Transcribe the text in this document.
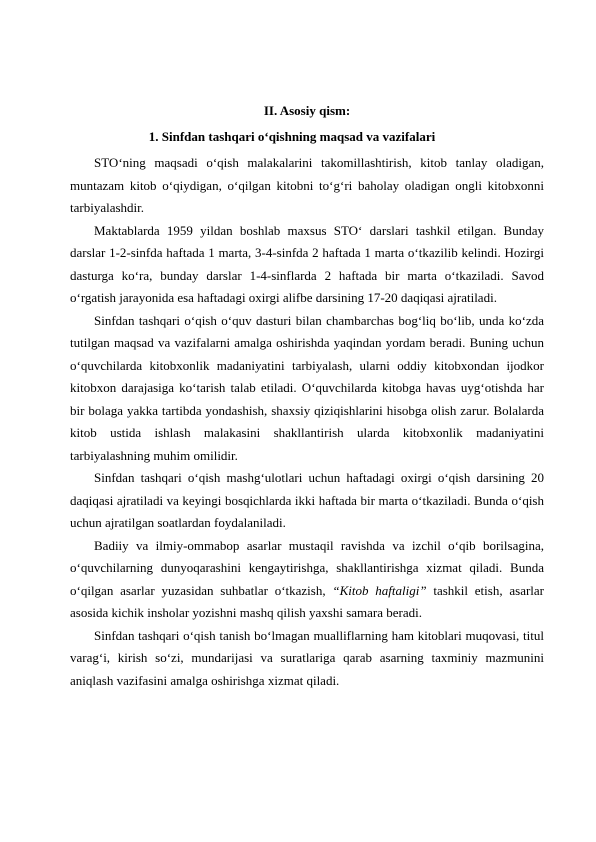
II. Asosiy qism:
1. Sinfdan tashqari o‘qishning maqsad va vazifalari

STO‘ning maqsadi o‘qish malakalarini takomillashtirish, kitob tanlay oladigan, muntazam kitob o‘qiydigan, o‘qilgan kitobni to‘g‘ri baholay oladigan ongli kitobxonni tarbiyalashdir.

Maktablarda 1959 yildan boshlab maxsus STO‘ darslari tashkil etilgan. Bunday darslar 1-2-sinfda haftada 1 marta, 3-4-sinfda 2 haftada 1 marta o‘tkazilib kelindi. Hozirgi dasturga ko‘ra, bunday darslar 1-4-sinflarda 2 haftada bir marta o‘tkaziladi. Savod o‘rgatish jarayonida esa haftadagi oxirgi alifbe darsining 17-20 daqiqasi ajratiladi.

Sinfdan tashqari o‘qish o‘quv dasturi bilan chambarchas bog‘liq bo‘lib, unda ko‘zda tutilgan maqsad va vazifalarni amalga oshirishda yaqindan yordam beradi. Buning uchun o‘quvchilarda kitobxonlik madaniyatini tarbiyalash, ularni oddiy kitobxondan ijodkor kitobxon darajasiga ko‘tarish talab etiladi. O‘quvchilarda kitobga havas uyg‘otishda har bir bolaga yakka tartibda yondashish, shaxsiy qiziqishlarini hisobga olish zarur. Bolalarda kitob ustida ishlash malakasini shakllantirish ularda kitobxonlik madaniyatini tarbiyalashning muhim omilidir.

Sinfdan tashqari o‘qish mashg‘ulotlari uchun haftadagi oxirgi o‘qish darsining 20 daqiqasi ajratiladi va keyingi bosqichlarda ikki haftada bir marta o‘tkaziladi. Bunda o‘qish uchun ajratilgan soatlardan foydalaniladi.

Badiiy va ilmiy-ommabop asarlar mustaqil ravishda va izchil o‘qib borilsagina, o‘quvchilarning dunyoqarashini kengaytirishga, shakllantirishga xizmat qiladi. Bunda o‘qilgan asarlar yuzasidan suhbatlar o‘tkazish, “Kitob haftaligi” tashkil etish, asarlar asosida kichik insholar yozishni mashq qilish yaxshi samara beradi.

Sinfdan tashqari o‘qish tanish bo‘lmagan mualliflarning ham kitoblari muqovasi, titul varag‘i, kirish so‘zi, mundarijasi va suratlariga qarab asarning taxminiy mazmunini aniqlash vazifasini amalga oshirishga xizmat qiladi.
